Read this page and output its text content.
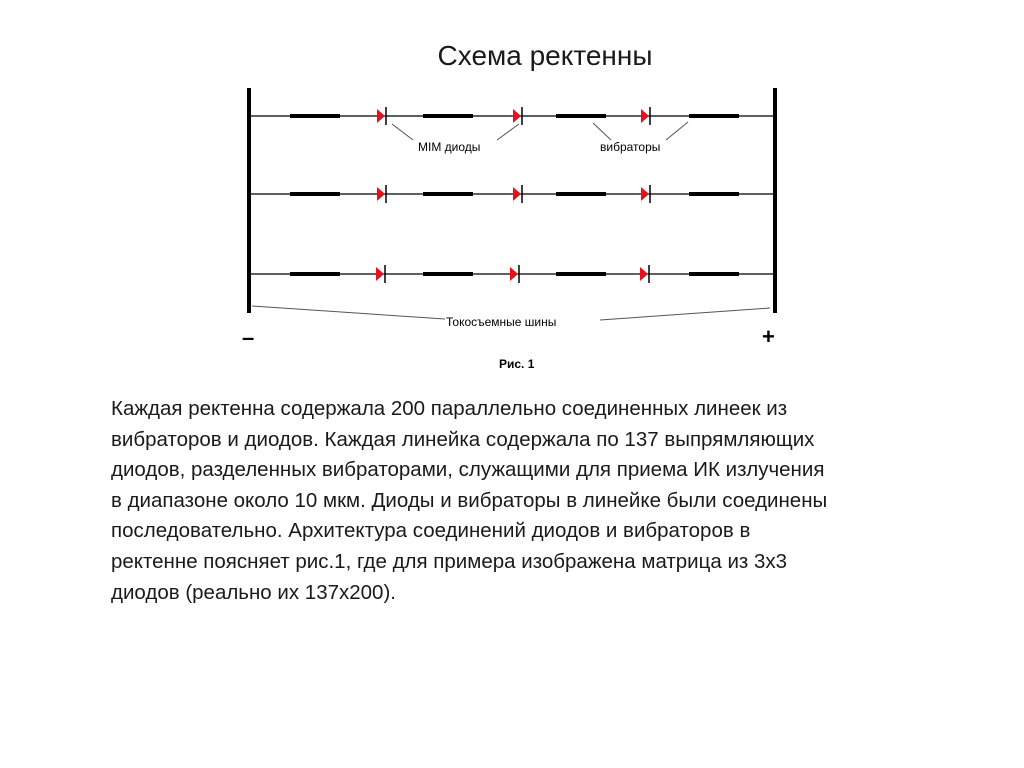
Схема ректенны
MIM диоды	вибраторы
Токосъемные шины
–	+
Рис. 1
Каждая ректенна содержала 200 параллельно соединенных линеек из
вибраторов и диодов. Каждая линейка содержала по 137 выпрямляющих
диодов, разделенных вибраторами, служащими для приема ИК излучения
в диапазоне около 10 мкм. Диоды и вибраторы в линейке были соединены
последовательно. Архитектура соединений диодов и вибраторов в
ректенне поясняет рис.1, где для примера изображена матрица из 3х3
диодов (реально их 137х200).
